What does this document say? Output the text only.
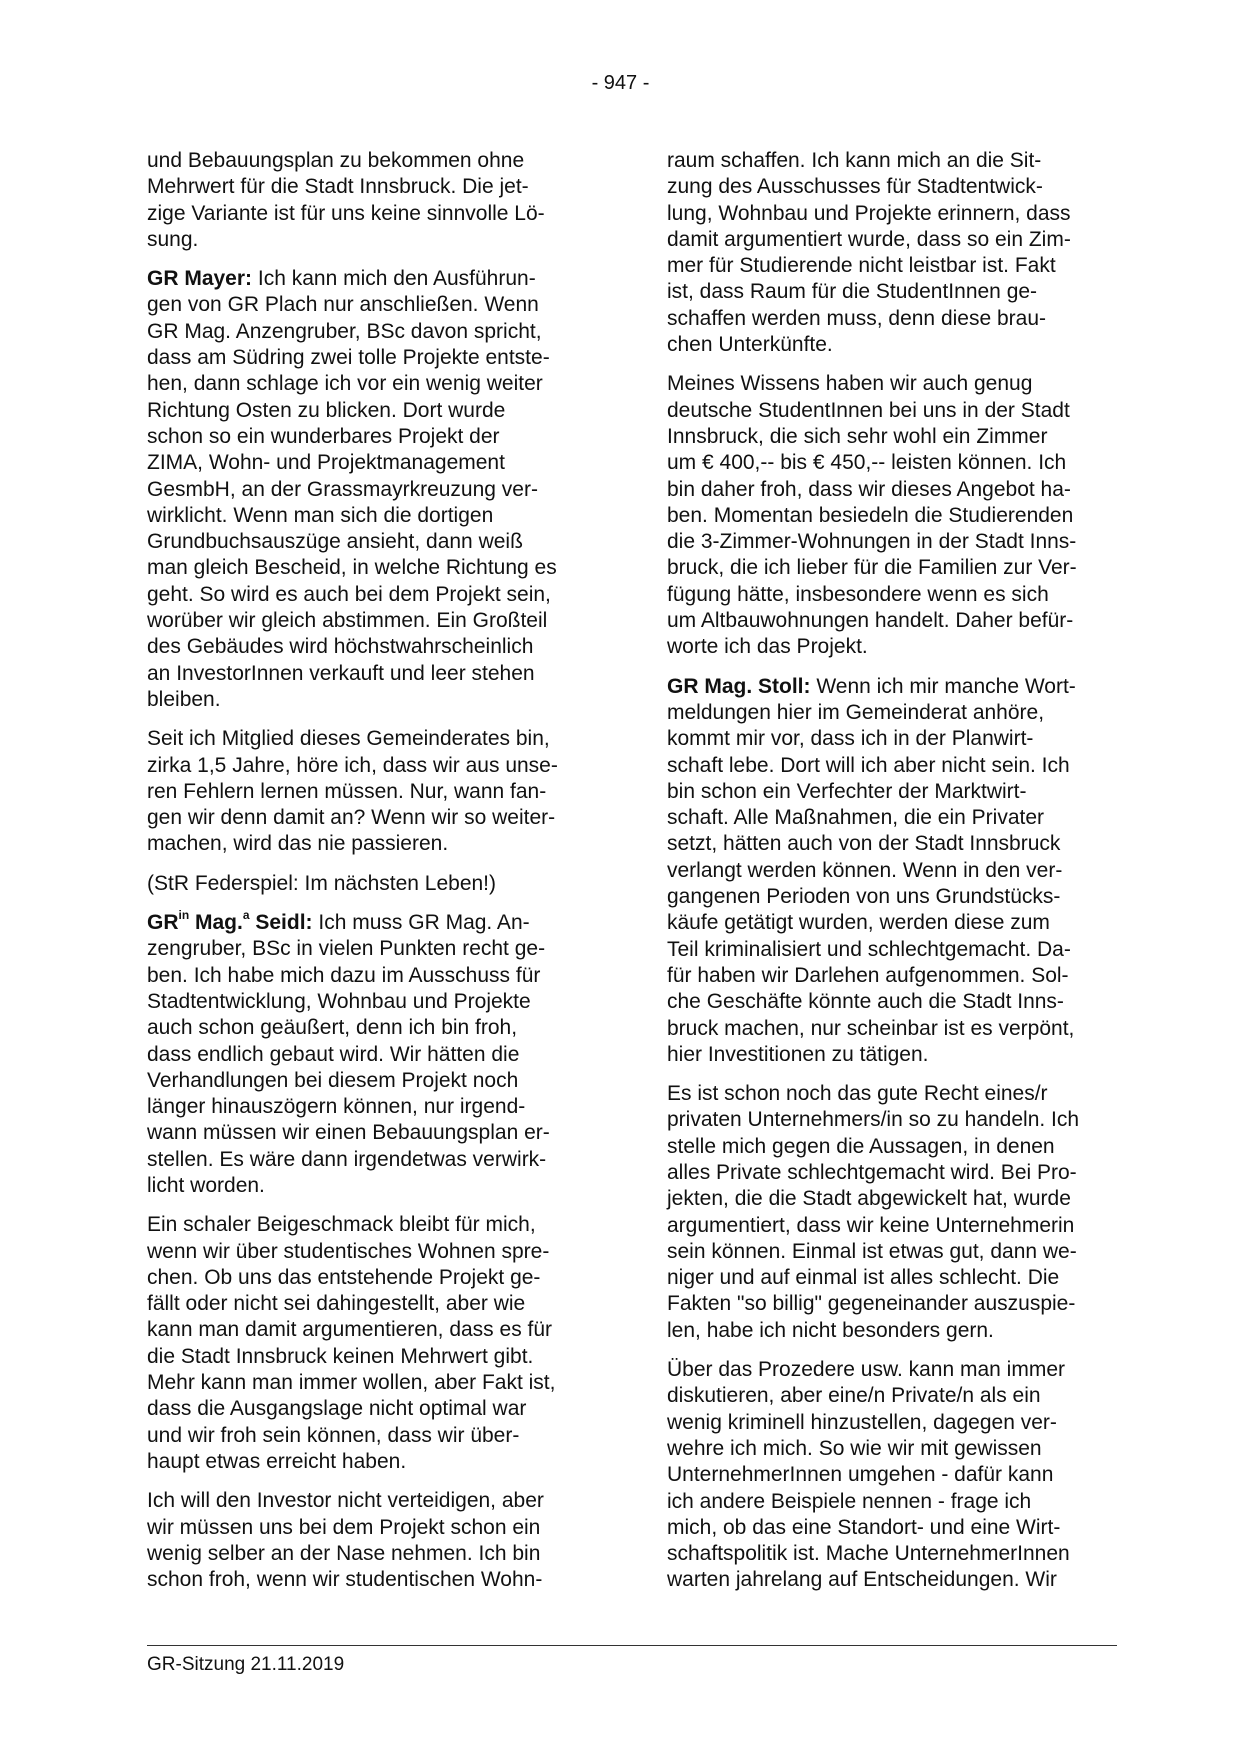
- 947 -

und Bebauungsplan zu bekommen ohne
Mehrwert für die Stadt Innsbruck. Die jet-
zige Variante ist für uns keine sinnvolle Lö-
sung.

GR Mayer: Ich kann mich den Ausführun-
gen von GR Plach nur anschließen. Wenn
GR Mag. Anzengruber, BSc davon spricht,
dass am Südring zwei tolle Projekte entste-
hen, dann schlage ich vor ein wenig weiter
Richtung Osten zu blicken. Dort wurde
schon so ein wunderbares Projekt der
ZIMA, Wohn- und Projektmanagement
GesmbH, an der Grassmayrkreuzung ver-
wirklicht. Wenn man sich die dortigen
Grundbuchsauszüge ansieht, dann weiß
man gleich Bescheid, in welche Richtung es
geht. So wird es auch bei dem Projekt sein,
worüber wir gleich abstimmen. Ein Großteil
des Gebäudes wird höchstwahrscheinlich
an InvestorInnen verkauft und leer stehen
bleiben.

Seit ich Mitglied dieses Gemeinderates bin,
zirka 1,5 Jahre, höre ich, dass wir aus unse-
ren Fehlern lernen müssen. Nur, wann fan-
gen wir denn damit an? Wenn wir so weiter-
machen, wird das nie passieren.

(StR Federspiel: Im nächsten Leben!)

$GR^{in}$ Mag.$^a$ Seidl: Ich muss GR Mag. An-
zengruber, BSc in vielen Punkten recht ge-
ben. Ich habe mich dazu im Ausschuss für
Stadtentwicklung, Wohnbau und Projekte
auch schon geäußert, denn ich bin froh,
dass endlich gebaut wird. Wir hätten die
Verhandlungen bei diesem Projekt noch
länger hinauszögern können, nur irgend-
wann müssen wir einen Bebauungsplan er-
stellen. Es wäre dann irgendetwas verwirk-
licht worden.

Ein schaler Beigeschmack bleibt für mich,
wenn wir über studentisches Wohnen spre-
chen. Ob uns das entstehende Projekt ge-
fällt oder nicht sei dahingestellt, aber wie
kann man damit argumentieren, dass es für
die Stadt Innsbruck keinen Mehrwert gibt.
Mehr kann man immer wollen, aber Fakt ist,
dass die Ausgangslage nicht optimal war
und wir froh sein können, dass wir über-
haupt etwas erreicht haben.

Ich will den Investor nicht verteidigen, aber
wir müssen uns bei dem Projekt schon ein
wenig selber an der Nase nehmen. Ich bin
schon froh, wenn wir studentischen Wohn-

raum schaffen. Ich kann mich an die Sit-
zung des Ausschusses für Stadtentwick-
lung, Wohnbau und Projekte erinnern, dass
damit argumentiert wurde, dass so ein Zim-
mer für Studierende nicht leistbar ist. Fakt
ist, dass Raum für die StudentInnen ge-
schaffen werden muss, denn diese brau-
chen Unterkünfte.

Meines Wissens haben wir auch genug
deutsche StudentInnen bei uns in der Stadt
Innsbruck, die sich sehr wohl ein Zimmer
um € 400,-- bis € 450,-- leisten können. Ich
bin daher froh, dass wir dieses Angebot ha-
ben. Momentan besiedeln die Studierenden
die 3-Zimmer-Wohnungen in der Stadt Inns-
bruck, die ich lieber für die Familien zur Ver-
fügung hätte, insbesondere wenn es sich
um Altbauwohnungen handelt. Daher befür-
worte ich das Projekt.

GR Mag. Stoll: Wenn ich mir manche Wort-
meldungen hier im Gemeinderat anhöre,
kommt mir vor, dass ich in der Planwirt-
schaft lebe. Dort will ich aber nicht sein. Ich
bin schon ein Verfechter der Marktwirt-
schaft. Alle Maßnahmen, die ein Privater
setzt, hätten auch von der Stadt Innsbruck
verlangt werden können. Wenn in den ver-
gangenen Perioden von uns Grundstücks-
käufe getätigt wurden, werden diese zum
Teil kriminalisiert und schlechtgemacht. Da-
für haben wir Darlehen aufgenommen. Sol-
che Geschäfte könnte auch die Stadt Inns-
bruck machen, nur scheinbar ist es verpönt,
hier Investitionen zu tätigen.

Es ist schon noch das gute Recht eines/r
privaten Unternehmers/in so zu handeln. Ich
stelle mich gegen die Aussagen, in denen
alles Private schlechtgemacht wird. Bei Pro-
jekten, die die Stadt abgewickelt hat, wurde
argumentiert, dass wir keine Unternehmerin
sein können. Einmal ist etwas gut, dann we-
niger und auf einmal ist alles schlecht. Die
Fakten "so billig" gegeneinander auszuspie-
len, habe ich nicht besonders gern.

Über das Prozedere usw. kann man immer
diskutieren, aber eine/n Private/n als ein
wenig kriminell hinzustellen, dagegen ver-
wehre ich mich. So wie wir mit gewissen
UnternehmerInnen umgehen - dafür kann
ich andere Beispiele nennen - frage ich
mich, ob das eine Standort- und eine Wirt-
schaftspolitik ist. Mache UnternehmerInnen
warten jahrelang auf Entscheidungen. Wir

GR-Sitzung 21.11.2019
